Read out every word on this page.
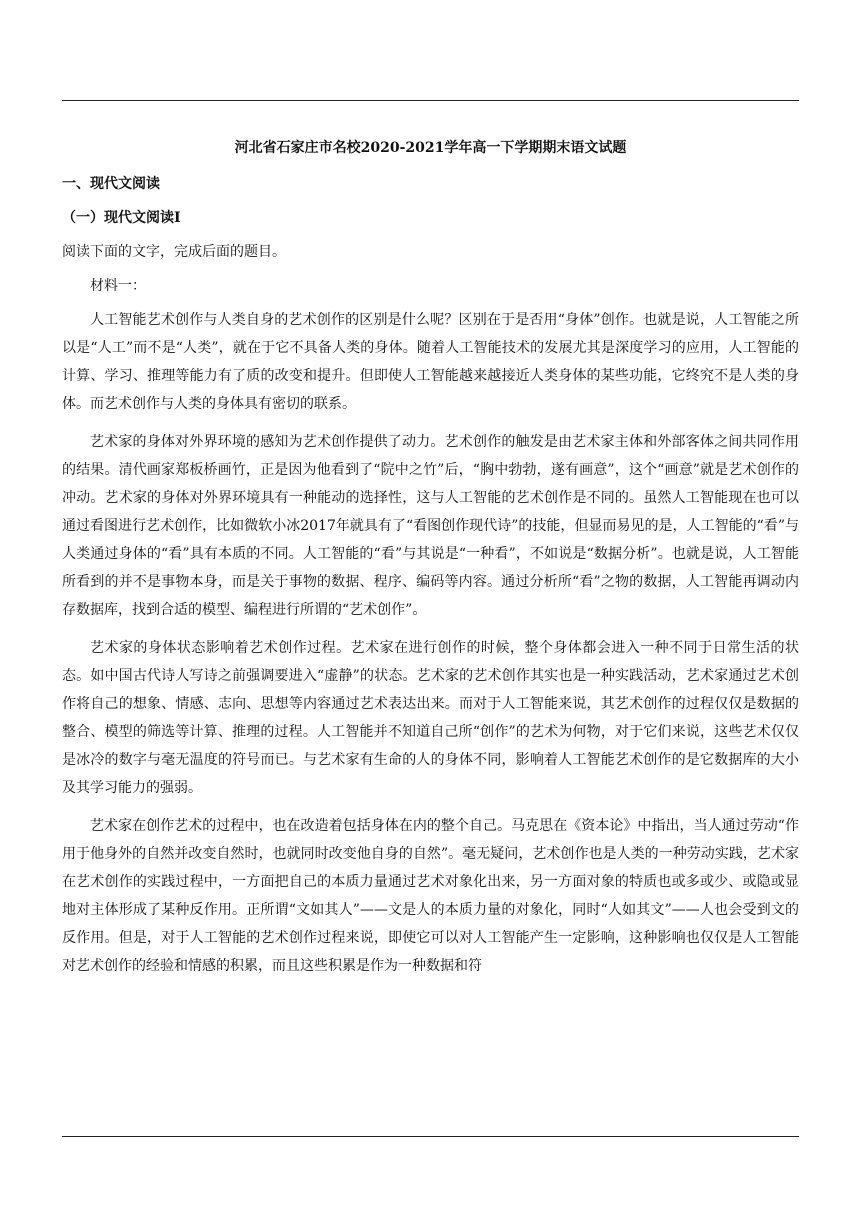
河北省石家庄市名校2020-2021学年高一下学期期末语文试题
一、现代文阅读
（一）现代文阅读Ⅰ
阅读下面的文字，完成后面的题目。
材料一：

人工智能艺术创作与人类自身的艺术创作的区别是什么呢？区别在于是否用“身体”创作。也就是说，人工智能之所以是“人工”而不是“人类”，就在于它不具备人类的身体。随着人工智能技术的发展尤其是深度学习的应用，人工智能的计算、学习、推理等能力有了质的改变和提升。但即使人工智能越来越接近人类身体的某些功能，它终究不是人类的身体。而艺术创作与人类的身体具有密切的联系。

艺术家的身体对外界环境的感知为艺术创作提供了动力。艺术创作的触发是由艺术家主体和外部客体之间共同作用的结果。清代画家郑板桥画竹，正是因为他看到了“院中之竹”后，“胸中勃勃，遂有画意”，这个“画意”就是艺术创作的冲动。艺术家的身体对外界环境具有一种能动的选择性，这与人工智能的艺术创作是不同的。虽然人工智能现在也可以通过看图进行艺术创作，比如微软小冰2017年就具有了“看图创作现代诗”的技能，但显而易见的是，人工智能的“看”与人类通过身体的“看”具有本质的不同。人工智能的“看”与其说是“一种看”，不如说是“数据分析”。也就是说，人工智能所看到的并不是事物本身，而是关于事物的数据、程序、编码等内容。通过分析所“看”之物的数据，人工智能再调动内存数据库，找到合适的模型、编程进行所谓的“艺术创作”。

艺术家的身体状态影响着艺术创作过程。艺术家在进行创作的时候，整个身体都会进入一种不同于日常生活的状态。如中国古代诗人写诗之前强调要进入“虚静”的状态。艺术家的艺术创作其实也是一种实践活动，艺术家通过艺术创作将自己的想象、情感、志向、思想等内容通过艺术表达出来。而对于人工智能来说，其艺术创作的过程仅仅是数据的整合、模型的筛选等计算、推理的过程。人工智能并不知道自己所“创作”的艺术为何物，对于它们来说，这些艺术仅仅是冰冷的数字与毫无温度的符号而已。与艺术家有生命的人的身体不同，影响着人工智能艺术创作的是它数据库的大小及其学习能力的强弱。

艺术家在创作艺术的过程中，也在改造着包括身体在内的整个自己。马克思在《资本论》中指出，当人通过劳动“作用于他身外的自然并改变自然时，也就同时改变他自身的自然”。毫无疑问，艺术创作也是人类的一种劳动实践，艺术家在艺术创作的实践过程中，一方面把自己的本质力量通过艺术对象化出来，另一方面对象的特质也或多或少、或隐或显地对主体形成了某种反作用。正所谓“文如其人”——文是人的本质力量的对象化，同时“人如其文”——人也会受到文的反作用。但是，对于人工智能的艺术创作过程来说，即使它可以对人工智能产生一定影响，这种影响也仅仅是人工智能对艺术创作的经验和情感的积累，而且这些积累是作为一种数据和符
